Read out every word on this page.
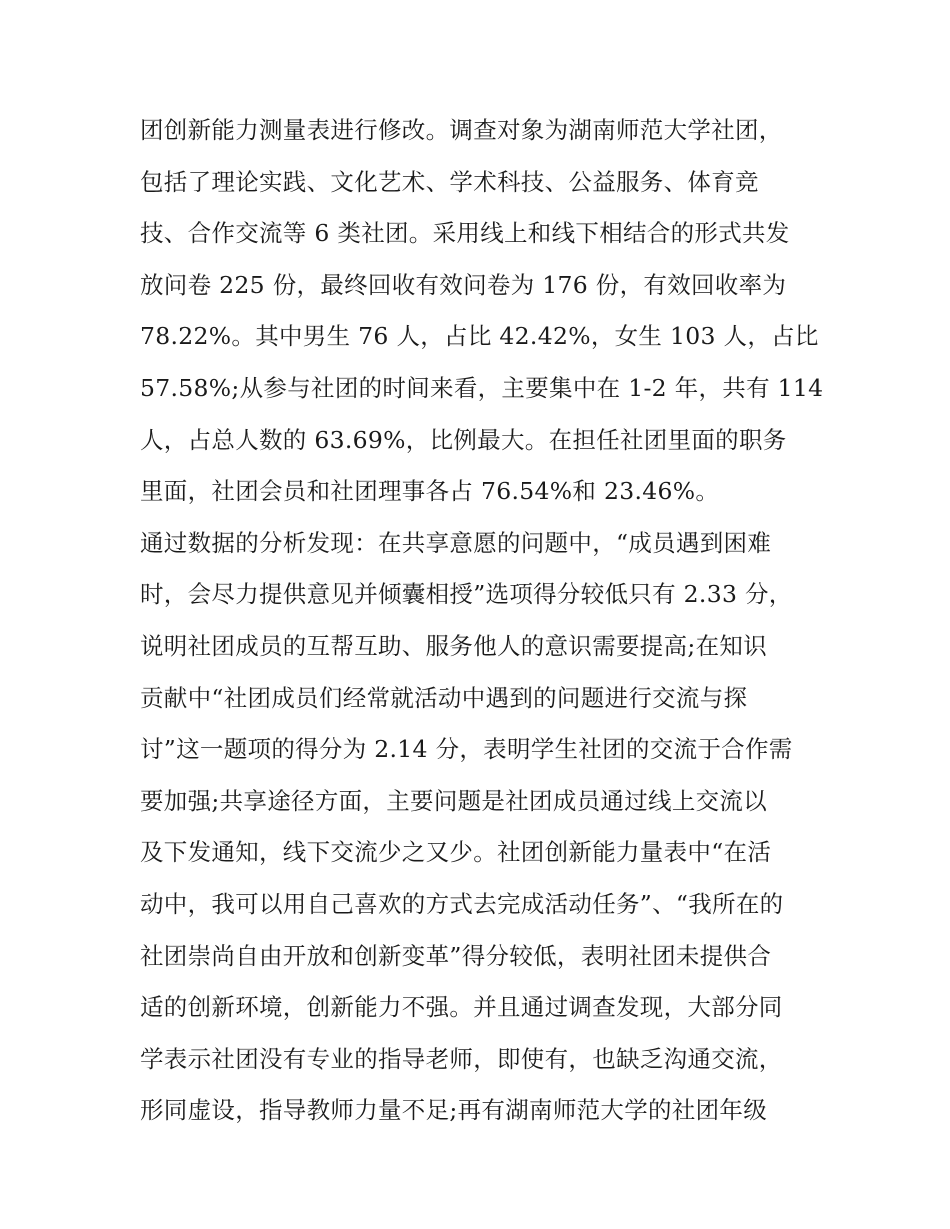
团创新能力测量表进行修改。调查对象为湖南师范大学社团，
包括了理论实践、文化艺术、学术科技、公益服务、体育竞
技、合作交流等 6 类社团。采用线上和线下相结合的形式共发
放问卷 225 份，最终回收有效问卷为 176 份，有效回收率为
78.22%。其中男生 76 人，占比 42.42%，女生 103 人，占比
57.58%;从参与社团的时间来看，主要集中在 1-2 年，共有 114
人，占总人数的 63.69%，比例最大。在担任社团里面的职务
里面，社团会员和社团理事各占 76.54%和 23.46%。
通过数据的分析发现：在共享意愿的问题中，“成员遇到困难
时，会尽力提供意见并倾囊相授”选项得分较低只有 2.33 分，
说明社团成员的互帮互助、服务他人的意识需要提高;在知识
贡献中“社团成员们经常就活动中遇到的问题进行交流与探
讨”这一题项的得分为 2.14 分，表明学生社团的交流于合作需
要加强;共享途径方面，主要问题是社团成员通过线上交流以
及下发通知，线下交流少之又少。社团创新能力量表中“在活
动中，我可以用自己喜欢的方式去完成活动任务”、“我所在的
社团崇尚自由开放和创新变革”得分较低，表明社团未提供合
适的创新环境，创新能力不强。并且通过调查发现，大部分同
学表示社团没有专业的指导老师，即使有，也缺乏沟通交流，
形同虚设，指导教师力量不足;再有湖南师范大学的社团年级
